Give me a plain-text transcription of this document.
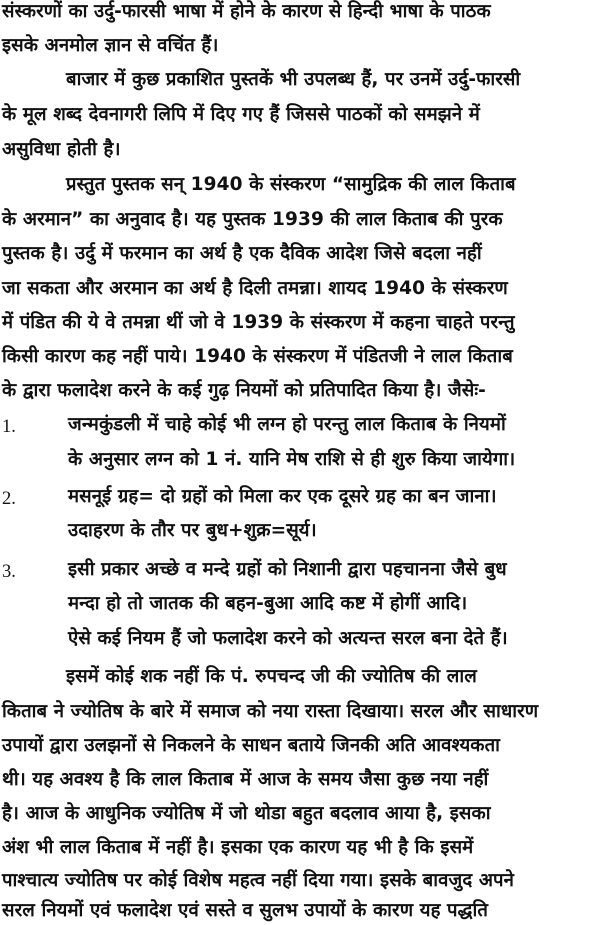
संस्करणों का उर्दु-फारसी भाषा में होने के कारण से हिन्दी भाषा के पाठक
इसके अनमोल ज्ञान से वचिंत हैं।
बाजार में कुछ प्रकाशित पुस्तकें भी उपलब्ध हैं, पर उनमें उर्दु-फारसी
के मूल शब्द देवनागरी लिपि में दिए गए हैं जिससे पाठकों को समझने में
असुविधा होती है।
प्रस्तुत पुस्तक सन् 1940 के संस्करण “सामुद्रिक की लाल किताब
के अरमान” का अनुवाद है। यह पुस्तक 1939 की लाल किताब की पुरक
पुस्तक है। उर्दु में फरमान का अर्थ है एक दैविक आदेश जिसे बदला नहीं
जा सकता और अरमान का अर्थ है दिली तमन्ना। शायद 1940 के संस्करण
में पंडित की ये वे तमन्ना थीं जो वे 1939 के संस्करण में कहना चाहते परन्तु
किसी कारण कह नहीं पाये। 1940 के संस्करण में पंडितजी ने लाल किताब
के द्वारा फलादेश करने के कई गुढ़ नियमों को प्रतिपादित किया है। जैसेः-
1.	जन्मकुंडली में चाहे कोई भी लग्न हो परन्तु लाल किताब के नियमों
के अनुसार लग्न को 1 नं. यानि मेष राशि से ही शुरु किया जायेगा।
2.	मसनूई ग्रह= दो ग्रहों को मिला कर एक दूसरे ग्रह का बन जाना।
उदाहरण के तौर पर बुध+शुक्र=सूर्य।
3.	इसी प्रकार अच्छे व मन्दे ग्रहों को निशानी द्वारा पहचानना जैसे बुध
मन्दा हो तो जातक की बहन-बुआ आदि कष्ट में होगीं आदि।
ऐसे कई नियम हैं जो फलादेश करने को अत्यन्त सरल बना देते हैं।
इसमें कोई शक नहीं कि पं. रुपचन्द जी की ज्योतिष की लाल
किताब ने ज्योतिष के बारे में समाज को नया रास्ता दिखाया। सरल और साधारण
उपायों द्वारा उलझनों से निकलने के साधन बताये जिनकी अति आवश्यकता
थी। यह अवश्य है कि लाल किताब में आज के समय जैसा कुछ नया नहीं
है। आज के आधुनिक ज्योतिष में जो थोडा बहुत बदलाव आया है, इसका
अंश भी लाल किताब में नहीं है। इसका एक कारण यह भी है कि इसमें
पाश्चात्य ज्योतिष पर कोई विशेष महत्व नहीं दिया गया। इसके बावजुद अपने
सरल नियमों एवं फलादेश एवं सस्ते व सुलभ उपायों के कारण यह पद्धति
